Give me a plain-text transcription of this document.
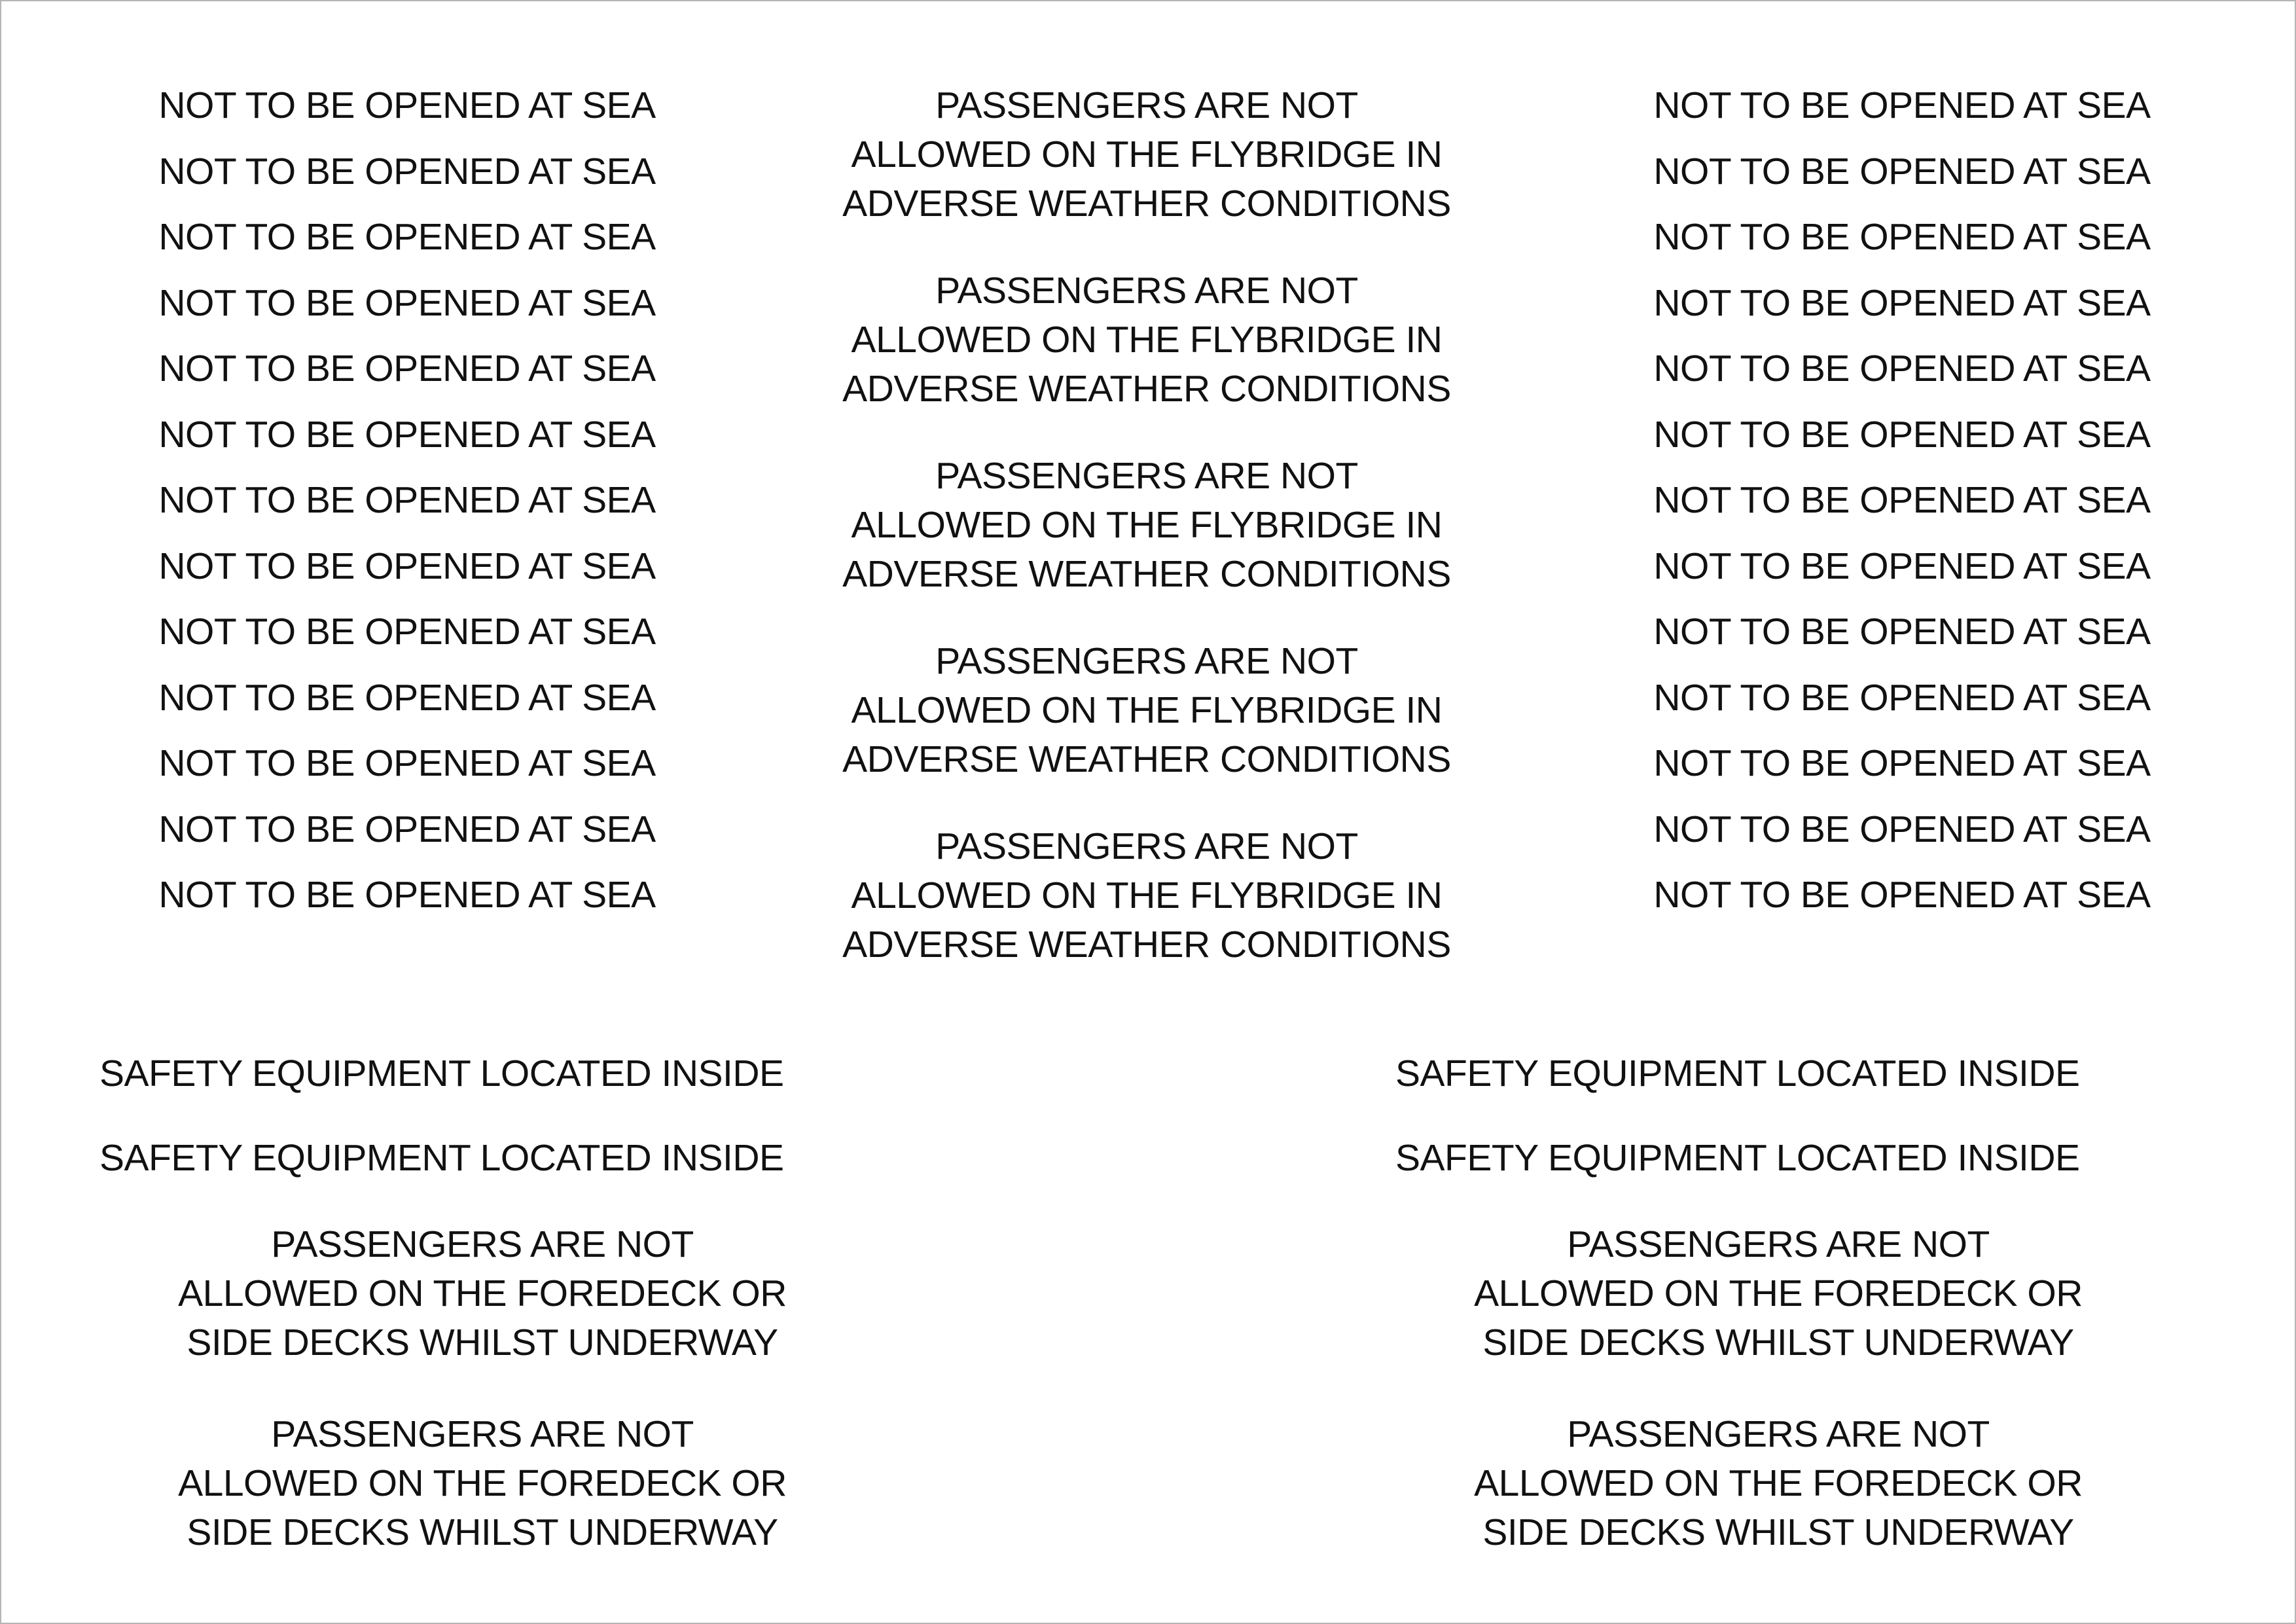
NOT TO BE OPENED AT SEA
NOT TO BE OPENED AT SEA
NOT TO BE OPENED AT SEA
NOT TO BE OPENED AT SEA
NOT TO BE OPENED AT SEA
NOT TO BE OPENED AT SEA
NOT TO BE OPENED AT SEA
NOT TO BE OPENED AT SEA
NOT TO BE OPENED AT SEA
NOT TO BE OPENED AT SEA
NOT TO BE OPENED AT SEA
NOT TO BE OPENED AT SEA
NOT TO BE OPENED AT SEA
PASSENGERS ARE NOT
ALLOWED ON THE FLYBRIDGE IN
ADVERSE WEATHER CONDITIONS
PASSENGERS ARE NOT
ALLOWED ON THE FLYBRIDGE IN
ADVERSE WEATHER CONDITIONS
PASSENGERS ARE NOT
ALLOWED ON THE FLYBRIDGE IN
ADVERSE WEATHER CONDITIONS
PASSENGERS ARE NOT
ALLOWED ON THE FLYBRIDGE IN
ADVERSE WEATHER CONDITIONS
PASSENGERS ARE NOT
ALLOWED ON THE FLYBRIDGE IN
ADVERSE WEATHER CONDITIONS
NOT TO BE OPENED AT SEA
NOT TO BE OPENED AT SEA
NOT TO BE OPENED AT SEA
NOT TO BE OPENED AT SEA
NOT TO BE OPENED AT SEA
NOT TO BE OPENED AT SEA
NOT TO BE OPENED AT SEA
NOT TO BE OPENED AT SEA
NOT TO BE OPENED AT SEA
NOT TO BE OPENED AT SEA
NOT TO BE OPENED AT SEA
NOT TO BE OPENED AT SEA
NOT TO BE OPENED AT SEA
SAFETY EQUIPMENT LOCATED INSIDE
SAFETY EQUIPMENT LOCATED INSIDE
SAFETY EQUIPMENT LOCATED INSIDE
SAFETY EQUIPMENT LOCATED INSIDE
PASSENGERS ARE NOT
ALLOWED ON THE FOREDECK OR
SIDE DECKS WHILST UNDERWAY
PASSENGERS ARE NOT
ALLOWED ON THE FOREDECK OR
SIDE DECKS WHILST UNDERWAY
PASSENGERS ARE NOT
ALLOWED ON THE FOREDECK OR
SIDE DECKS WHILST UNDERWAY
PASSENGERS ARE NOT
ALLOWED ON THE FOREDECK OR
SIDE DECKS WHILST UNDERWAY
